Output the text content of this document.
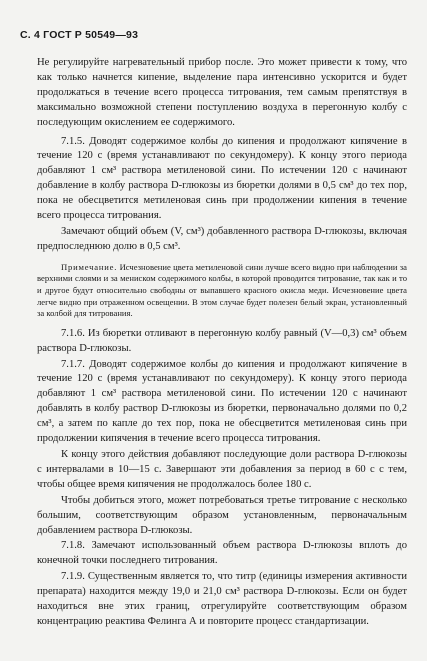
С. 4 ГОСТ Р 50549—93

Не регулируйте нагревательный прибор после. Это может привести к тому, что как только начнется кипение, выделение пара интенсивно ускорится и будет продолжаться в течение всего процесса титрования, тем самым препятствуя в максимально возможной степени поступлению воздуха в перегонную колбу с последующим окислением ее содержимого.

7.1.5. Доводят содержимое колбы до кипения и продолжают кипячение в течение 120 с (время устанавливают по секундомеру). К концу этого периода добавляют 1 см³ раствора метиленовой сини. По истечении 120 с начинают добавление в колбу раствора D-глюкозы из бюретки долями в 0,5 см³ до тех пор, пока не обесцветится метиленовая синь при продолжении кипения в течение всего процесса титрования.

Замечают общий объем (V, см³) добавленного раствора D-глюкозы, включая предпоследнюю долю в 0,5 см³.

Примечание. Исчезновение цвета метиленовой сини лучше всего видно при наблюдении за верхними слоями и за мениском содержимого колбы, в которой проводится титрование, так как и то и другое будут относительно свободны от выпавшего красного окисла меди. Исчезновение цвета легче видно при отраженном освещении. В этом случае будет полезен белый экран, установленный за колбой для титрования.

7.1.6. Из бюретки отливают в перегонную колбу равный (V—0,3) см³ объем раствора D-глюкозы.

7.1.7. Доводят содержимое колбы до кипения и продолжают кипячение в течение 120 с (время устанавливают по секундомеру). К концу этого периода добавляют 1 см³ раствора метиленовой сини. По истечении 120 с начинают добавлять в колбу раствор D-глюкозы из бюретки, первоначально долями по 0,2 см³, а затем по капле до тех пор, пока не обесцветится метиленовая синь при продолжении кипячения в течение всего процесса титрования.

К концу этого действия добавляют последующие доли раствора D-глюкозы с интервалами в 10—15 с. Завершают эти добавления за период в 60 с с тем, чтобы общее время кипячения не продолжалось более 180 с.

Чтобы добиться этого, может потребоваться третье титрование с несколько большим, соответствующим образом установленным, первоначальным добавлением раствора D-глюкозы.

7.1.8. Замечают использованный объем раствора D-глюкозы вплоть до конечной точки последнего титрования.

7.1.9. Существенным является то, что титр (единицы измерения активности препарата) находится между 19,0 и 21,0 см³ раствора D-глюкозы. Если он будет находиться вне этих границ, отрегулируйте соответствующим образом концентрацию реактива Фелинга А и повторите процесс стандартизации.
